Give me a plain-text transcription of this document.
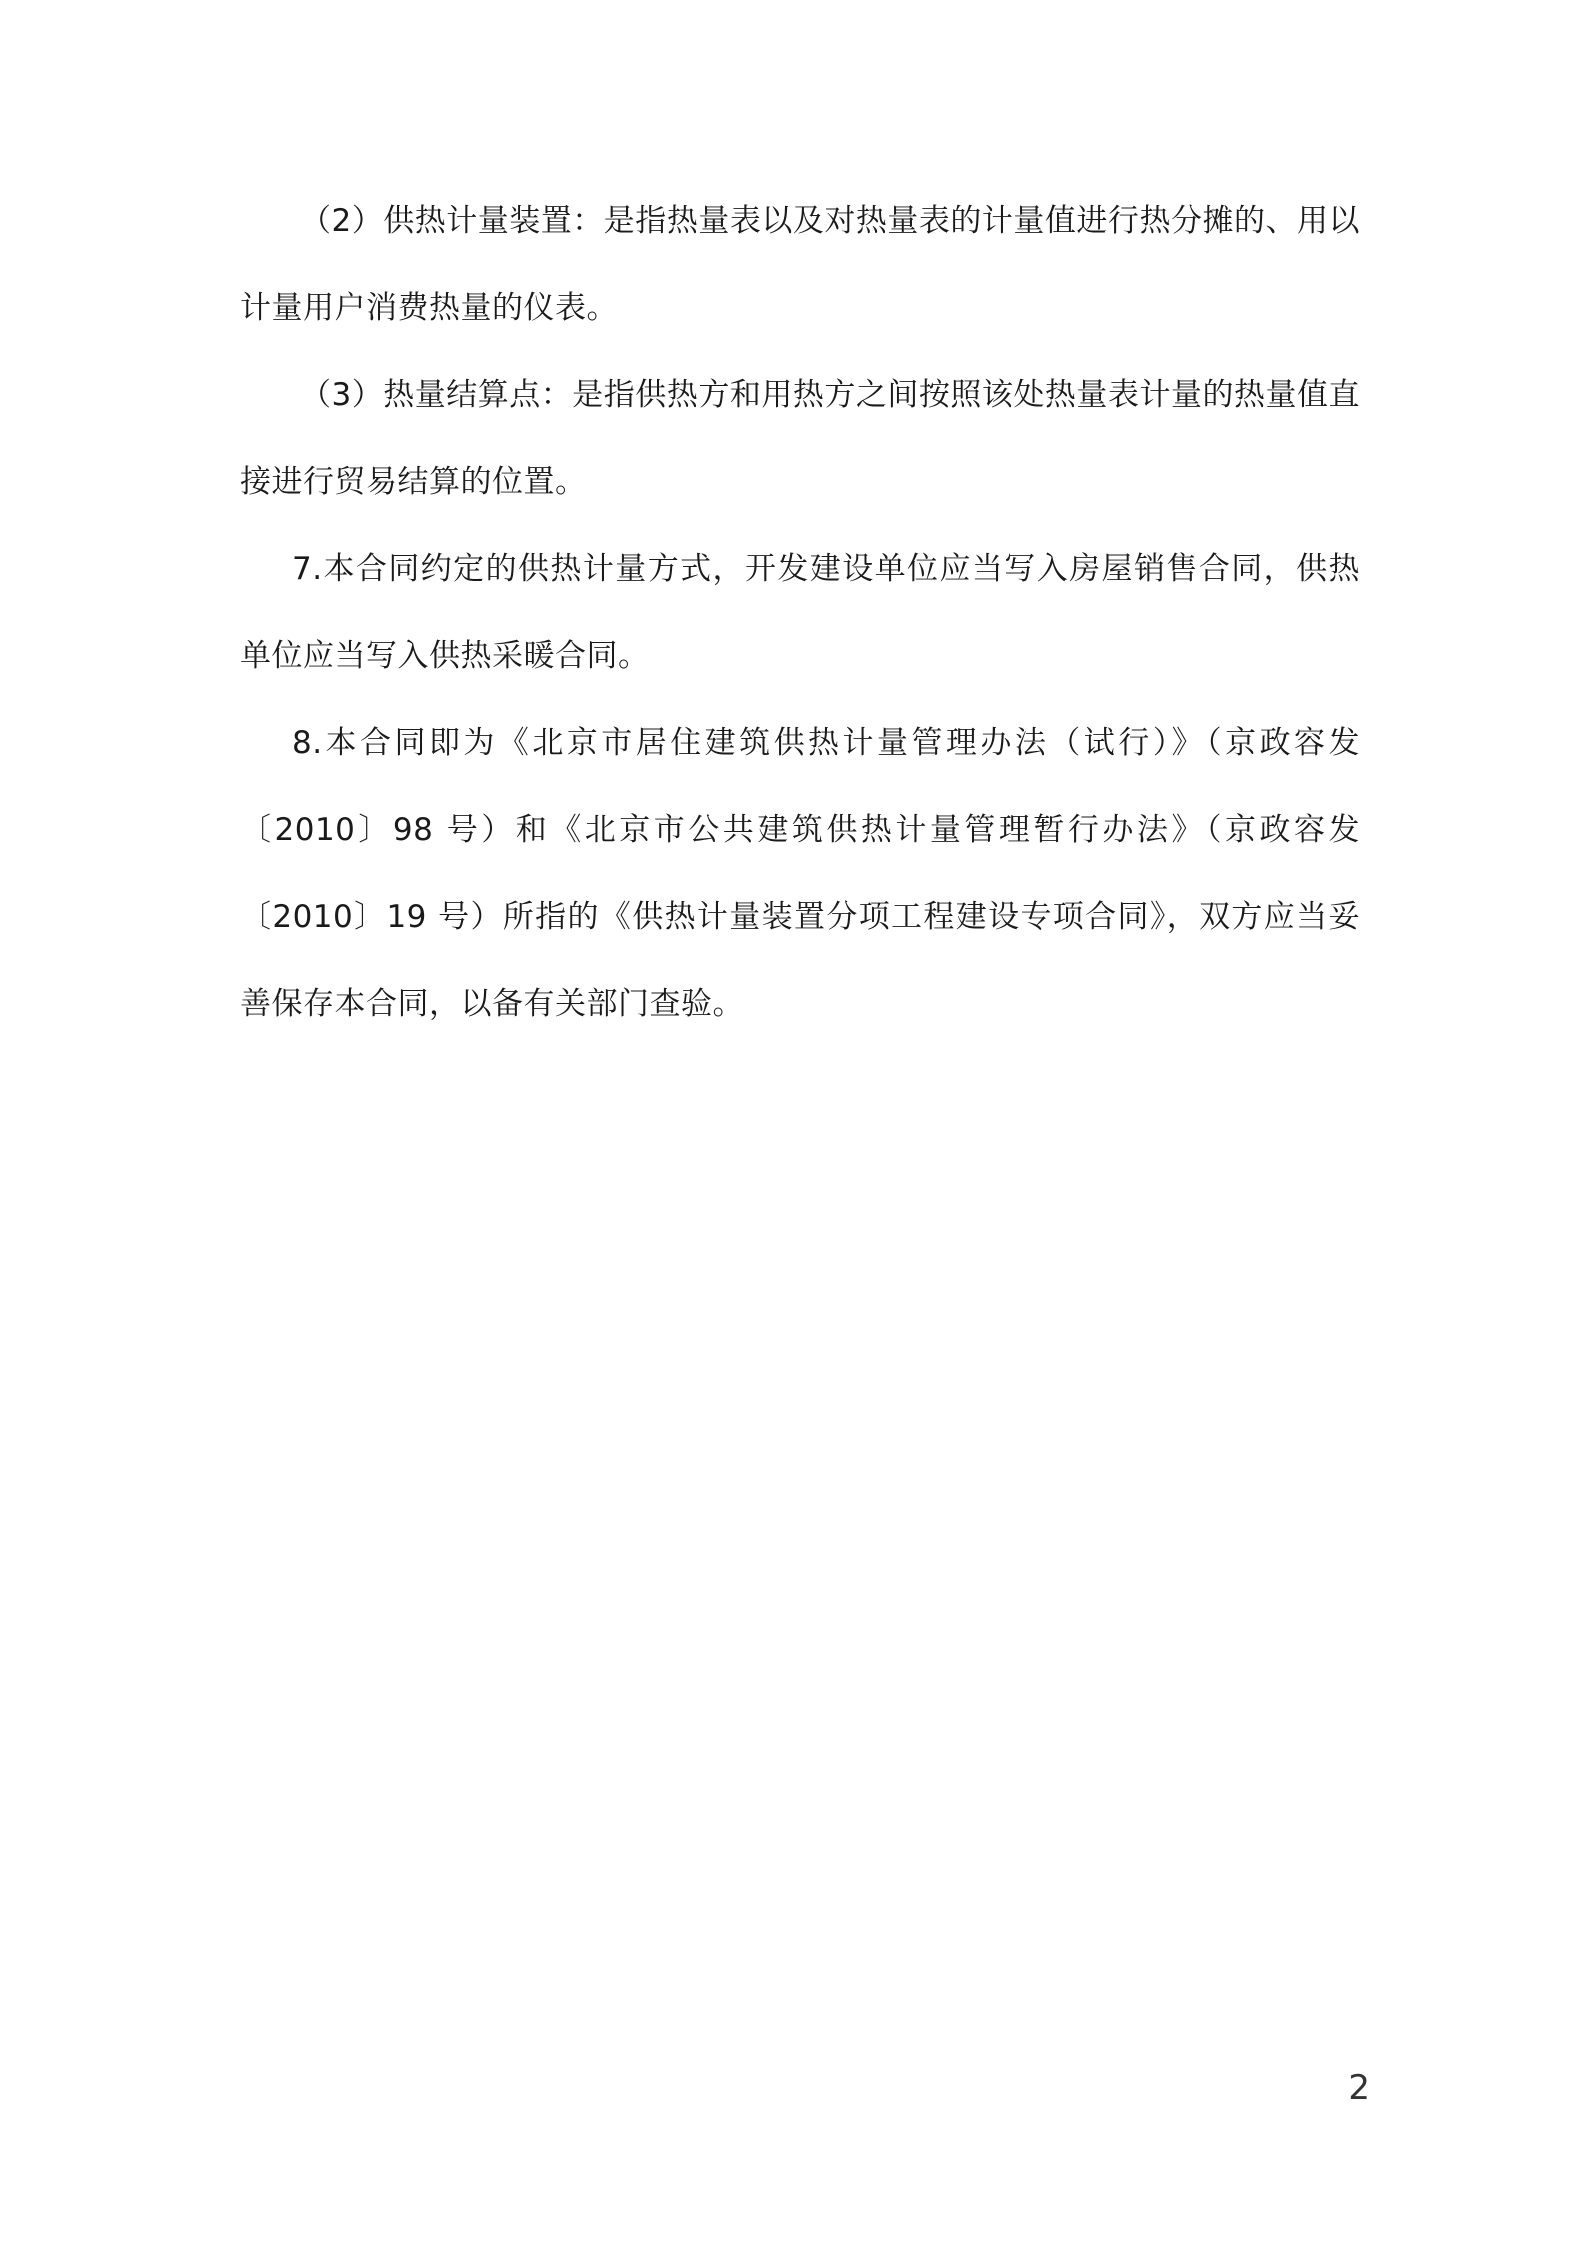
（2）供热计量装置：是指热量表以及对热量表的计量值进行热分摊的、用以计量用户消费热量的仪表。

（3）热量结算点：是指供热方和用热方之间按照该处热量表计量的热量值直接进行贸易结算的位置。

7.本合同约定的供热计量方式，开发建设单位应当写入房屋销售合同，供热单位应当写入供热采暖合同。

8.本合同即为《北京市居住建筑供热计量管理办法（试行）》（京政容发〔2010〕98 号）和《北京市公共建筑供热计量管理暂行办法》（京政容发〔2010〕19 号）所指的《供热计量装置分项工程建设专项合同》，双方应当妥善保存本合同，以备有关部门查验。

2
